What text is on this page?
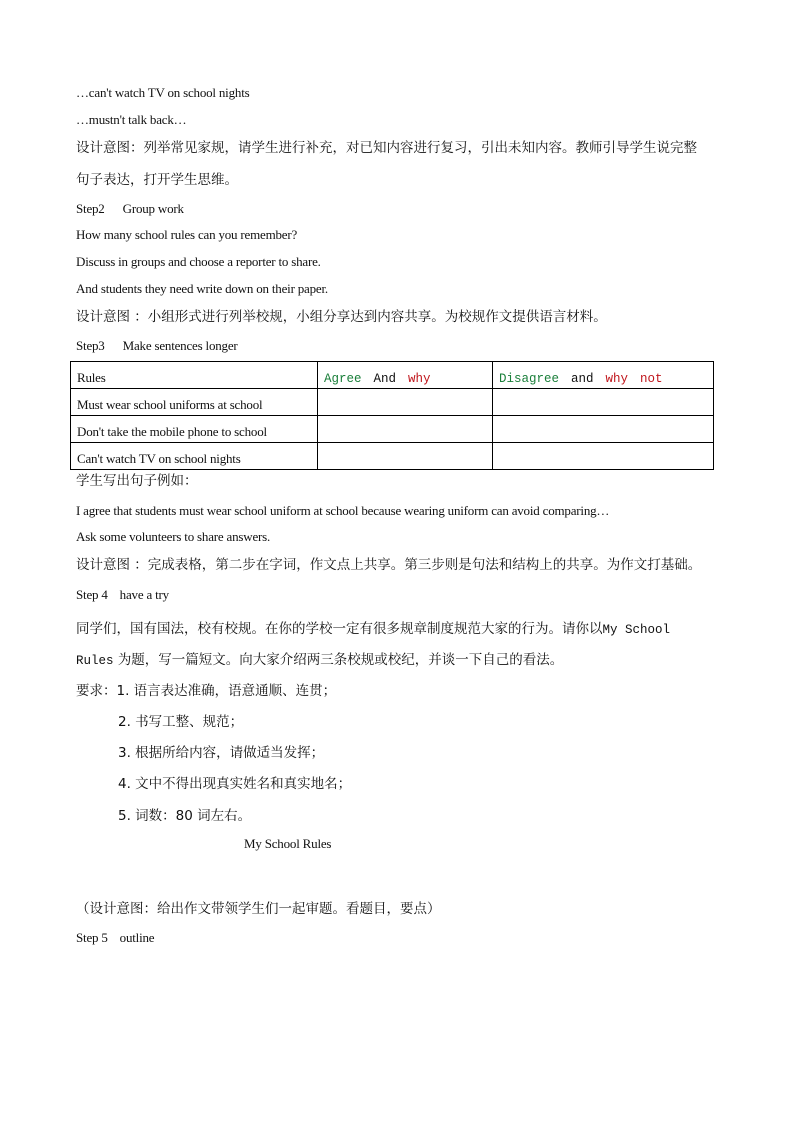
…can't watch TV on school nights
…mustn't talk back…
设计意图：列举常见家规，请学生进行补充，对已知内容进行复习，引出未知内容。教师引导学生说完整
句子表达，打开学生思维。
Step2 Group work
How many school rules can you remember?
Discuss in groups and choose a reporter to share.
And students they need write down on their paper.
设计意图 ：小组形式进行列举校规，小组分享达到内容共享。为校规作文提供语言材料。
Step3 Make sentences longer
Rules	Agree And why	Disagree and why not
Must wear school uniforms at school		
Don't take the mobile phone to school		
Can't watch TV on school nights		
学生写出句子例如：
I agree that students must wear school uniform at school because wearing uniform can avoid comparing…
Ask some volunteers to share answers.
设计意图 ：完成表格，第二步在字词，作文点上共享。第三步则是句法和结构上的共享。为作文打基础。
Step 4 have a try
同学们，国有国法，校有校规。在你的学校一定有很多规章制度规范大家的行为。请你以My School
Rules 为题，写一篇短文。向大家介绍两三条校规或校纪，并谈一下自己的看法。
要求：1. 语言表达准确，语意通顺、连贯；
2. 书写工整、规范；
3. 根据所给内容，请做适当发挥；
4. 文中不得出现真实姓名和真实地名；
5. 词数：80 词左右。
My School Rules
（设计意图：给出作文带领学生们一起审题。看题目，要点）
Step 5 outline
